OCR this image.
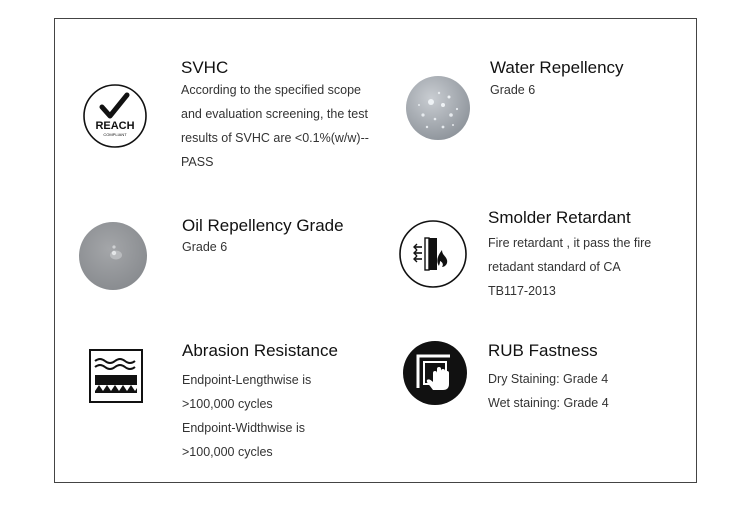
REACH
COMPLIANT
SVHC
According to the specified scope
and evaluation screening, the test
results of SVHC are <0.1%(w/w)--
PASS
Water Repellency
Grade 6
Oil Repellency Grade
Grade 6
Smolder Retardant
Fire retardant , it pass the fire
retadant standard of CA
TB117-2013
Abrasion Resistance
Endpoint-Lengthwise is
>100,000 cycles
Endpoint-Widthwise is
>100,000 cycles
RUB Fastness
Dry Staining: Grade 4
Wet staining: Grade 4
